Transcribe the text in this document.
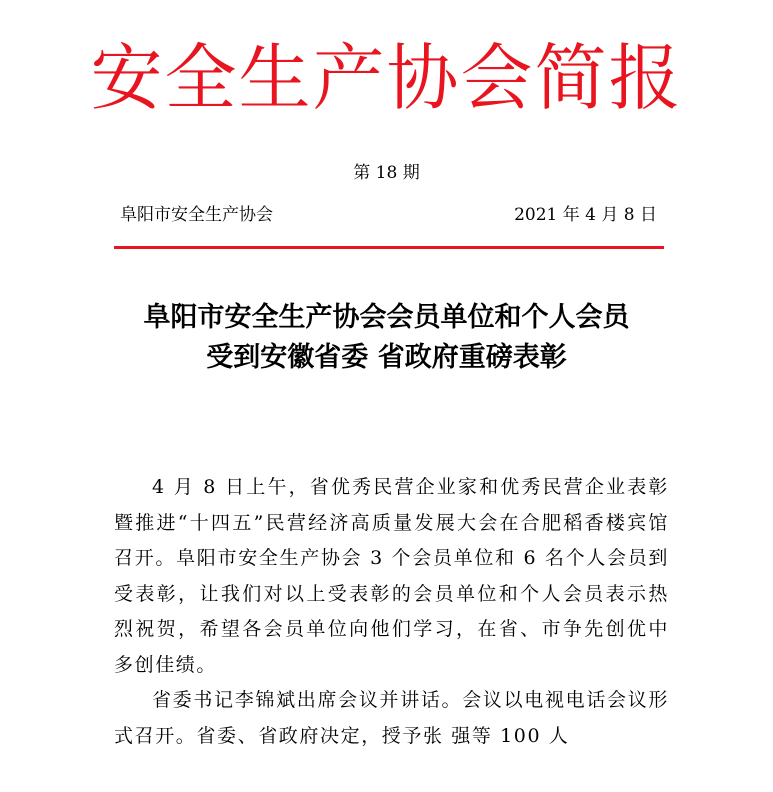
安全生产协会简报
第 18 期
阜阳市安全生产协会	2021 年 4 月 8 日
阜阳市安全生产协会会员单位和个人会员
受到安徽省委 省政府重磅表彰

4 月 8 日上午，省优秀民营企业家和优秀民营企业表彰暨推进“十四五”民营经济高质量发展大会在合肥稻香楼宾馆召开。阜阳市安全生产协会 3 个会员单位和 6 名个人会员到受表彰，让我们对以上受表彰的会员单位和个人会员表示热烈祝贺，希望各会员单位向他们学习，在省、市争先创优中多创佳绩。

省委书记李锦斌出席会议并讲话。会议以电视电话会议形式召开。省委、省政府决定，授予张 强等 100 人
